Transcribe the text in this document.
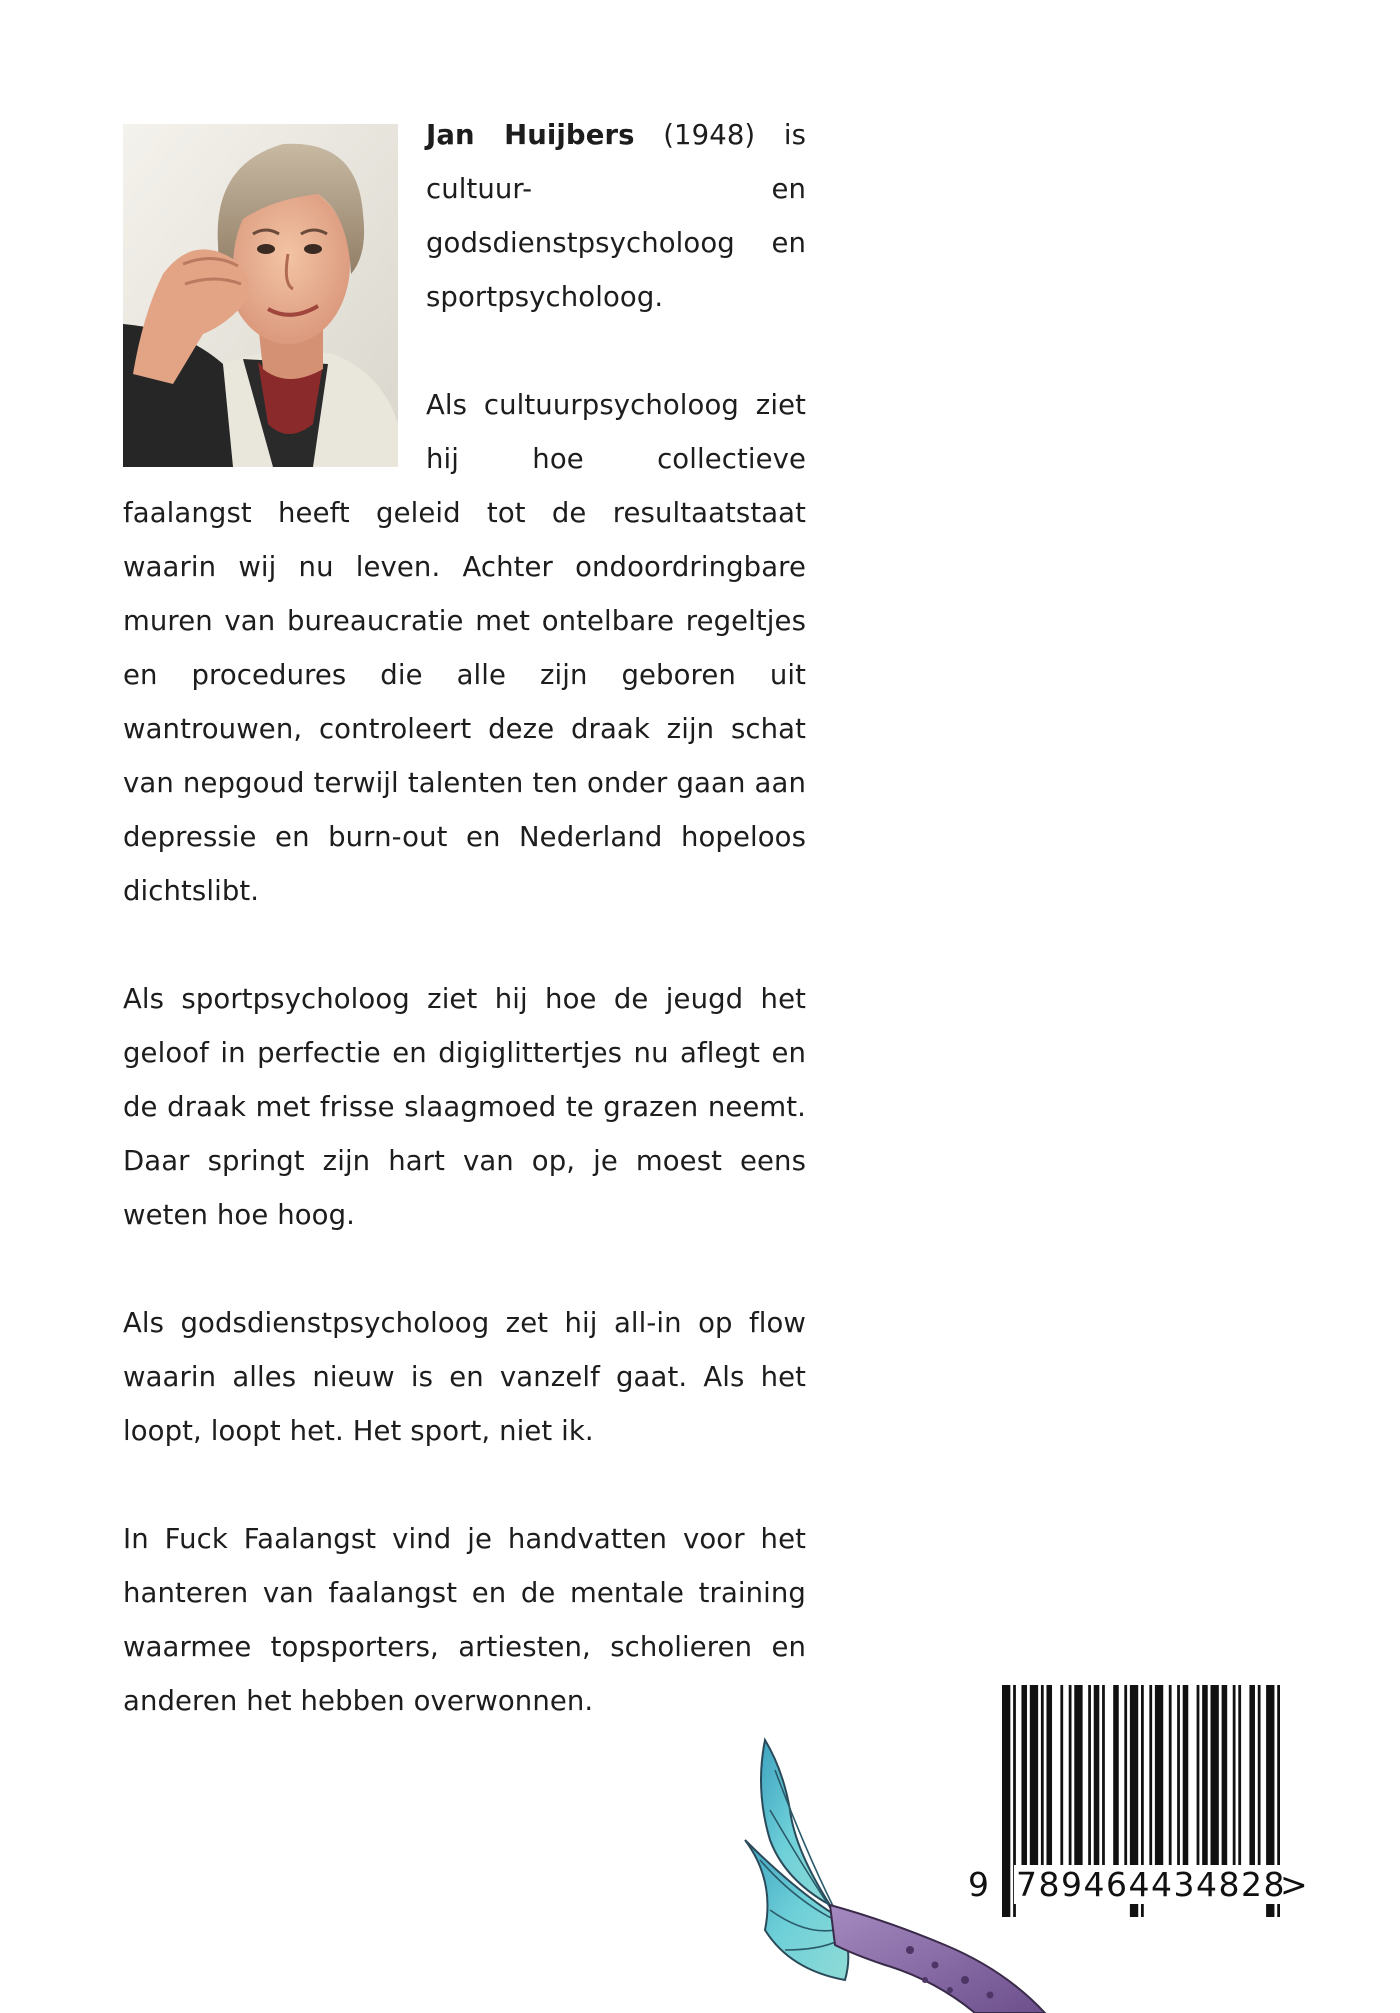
Jan Huijbers (1948) is cultuur- en godsdienstpsycholoog en sportpsycholoog.

Als cultuurpsycholoog ziet hij hoe collectieve faalangst heeft geleid tot de resultaatstaat waarin wij nu leven. Achter ondoordringbare muren van bureaucratie met ontelbare regeltjes en procedures die alle zijn geboren uit wantrouwen, controleert deze draak zijn schat van nepgoud terwijl talenten ten onder gaan aan depressie en burn-out en Nederland hopeloos dichtslibt.

Als sportpsycholoog ziet hij hoe de jeugd het geloof in perfectie en digiglittertjes nu aflegt en de draak met frisse slaagmoed te grazen neemt. Daar springt zijn hart van op, je moest eens weten hoe hoog.

Als godsdienstpsycholoog zet hij all-in op flow waarin alles nieuw is en vanzelf gaat. Als het loopt, loopt het. Het sport, niet ik.

In Fuck Faalangst vind je handvatten voor het hanteren van faalangst en de mentale training waarmee topsporters, artiesten, scholieren en anderen het hebben overwonnen.

9 789464434828
>
